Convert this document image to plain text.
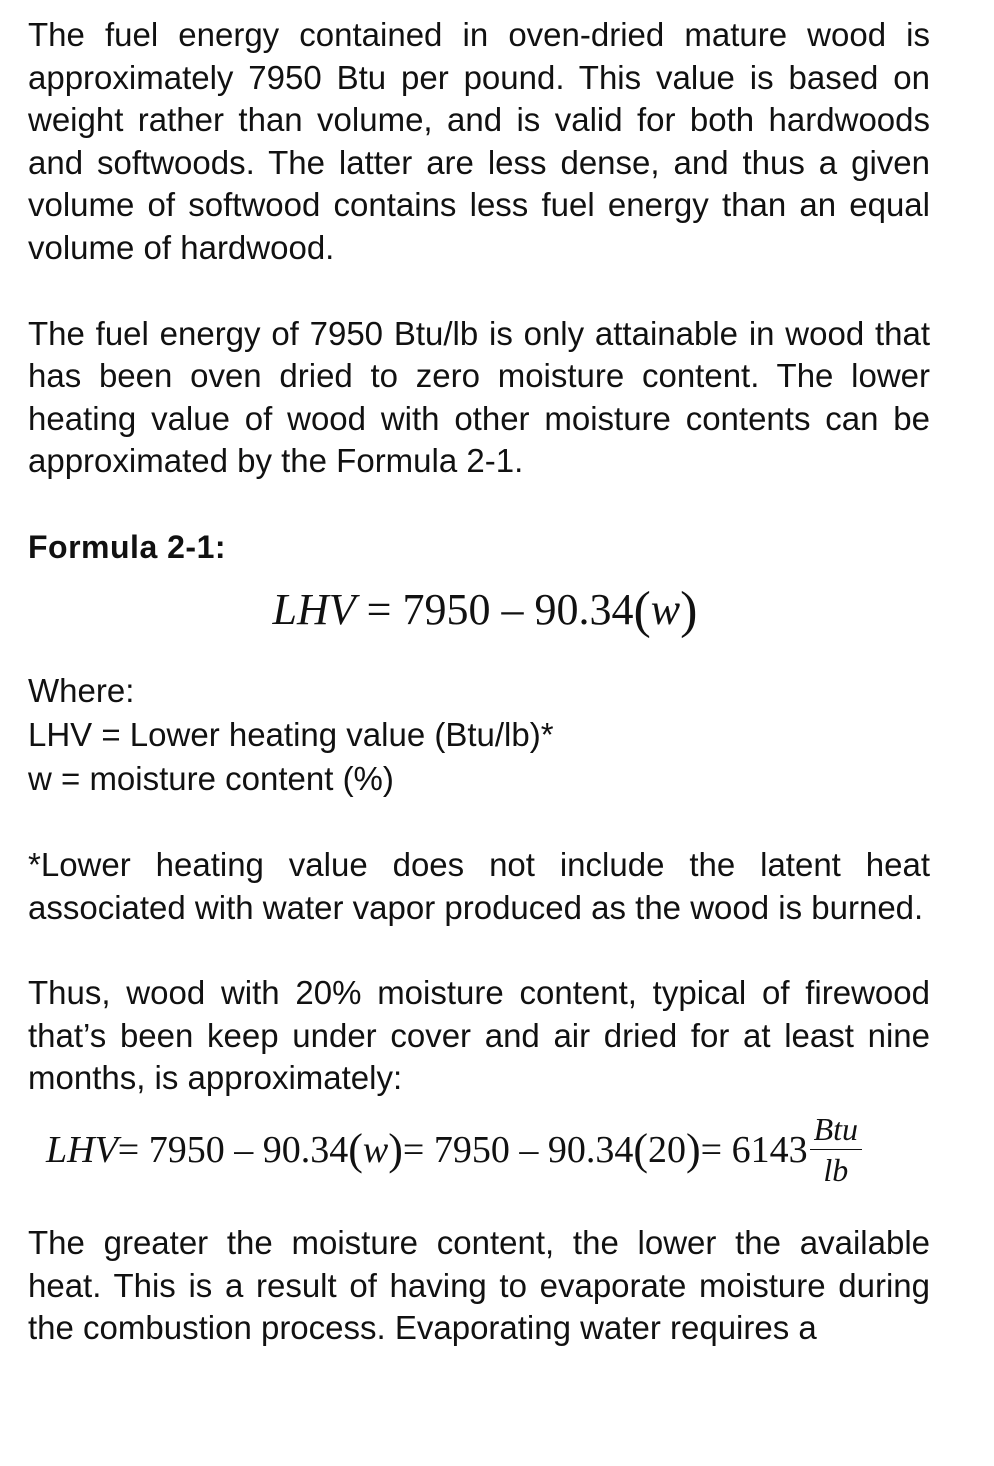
The fuel energy contained in oven-dried mature wood is approximately 7950 Btu per pound. This value is based on weight rather than volume, and is valid for both hardwoods and softwoods. The latter are less dense, and thus a given volume of softwood contains less fuel energy than an equal volume of hardwood.

The fuel energy of 7950 Btu/lb is only attainable in wood that has been oven dried to zero moisture content. The lower heating value of wood with other moisture contents can be approximated by the Formula 2-1.

Formula 2-1:

LHV = 7950 – 90.34(w)

Where:

LHV = Lower heating value (Btu/lb)*

w = moisture content (%)

*Lower heating value does not include the latent heat associated with water vapor produced as the wood is burned.

Thus, wood with 20% moisture content, typical of firewood that’s been keep under cover and air dried for at least nine months, is approximately:

LHV = 7950 – 90.34 ( w ) = 7950 – 90.34 ( 20 ) = $6143 \frac{\text{Btu}}{lb}$

The greater the moisture content, the lower the available heat. This is a result of having to evaporate moisture during the combustion process. Evaporating water requires a
